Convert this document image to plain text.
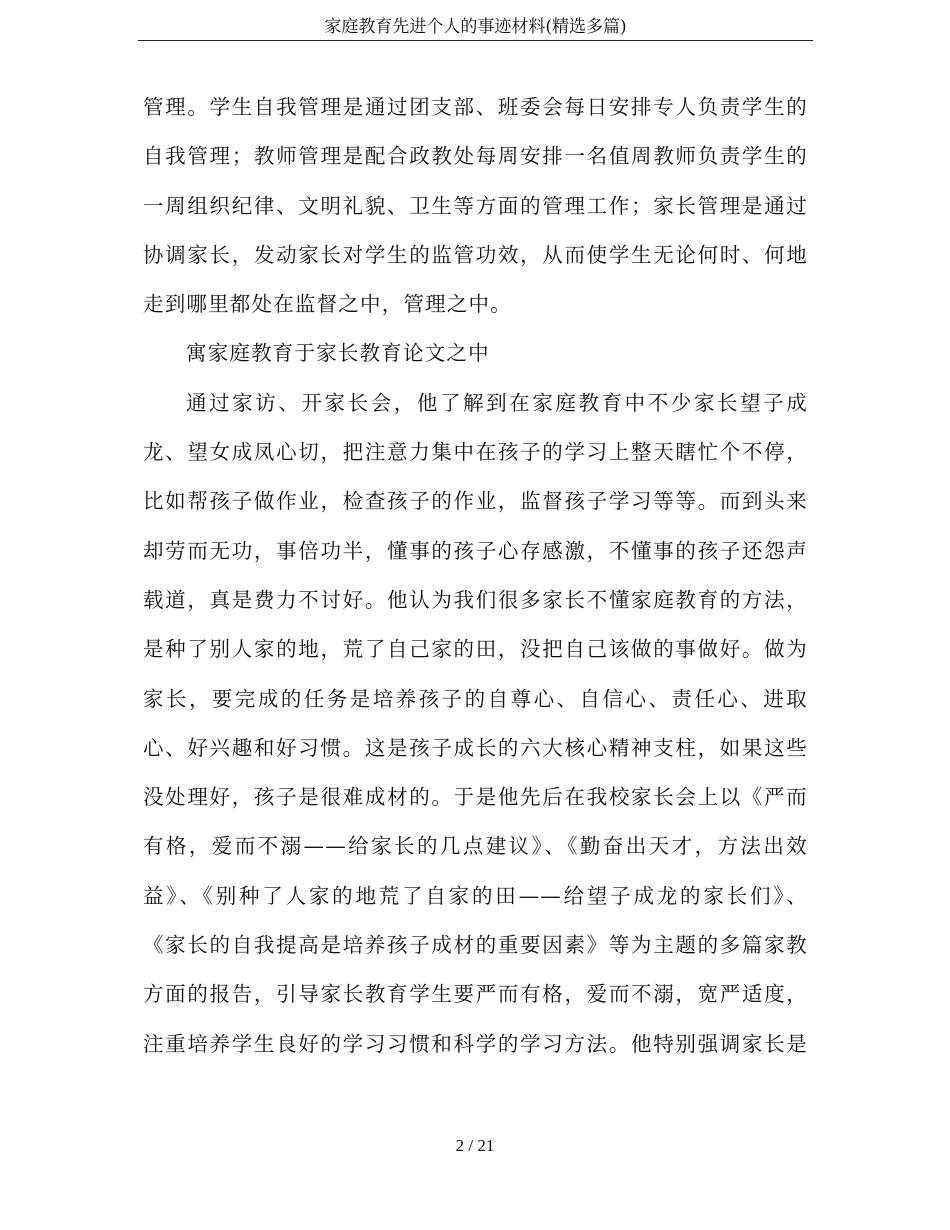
家庭教育先进个人的事迹材料(精选多篇)
管理。学生自我管理是通过团支部、班委会每日安排专人负责学生的
自我管理；教师管理是配合政教处每周安排一名值周教师负责学生的
一周组织纪律、文明礼貌、卫生等方面的管理工作；家长管理是通过
协调家长，发动家长对学生的监管功效，从而使学生无论何时、何地
走到哪里都处在监督之中，管理之中。
寓家庭教育于家长教育论文之中
通过家访、开家长会，他了解到在家庭教育中不少家长望子成
龙、望女成凤心切，把注意力集中在孩子的学习上整天瞎忙个不停，
比如帮孩子做作业，检查孩子的作业，监督孩子学习等等。而到头来
却劳而无功，事倍功半，懂事的孩子心存感激，不懂事的孩子还怨声
载道，真是费力不讨好。他认为我们很多家长不懂家庭教育的方法，
是种了别人家的地，荒了自己家的田，没把自己该做的事做好。做为
家长，要完成的任务是培养孩子的自尊心、自信心、责任心、进取
心、好兴趣和好习惯。这是孩子成长的六大核心精神支柱，如果这些
没处理好，孩子是很难成材的。于是他先后在我校家长会上以《严而
有格，爱而不溺——给家长的几点建议》、《勤奋出天才，方法出效
益》、《别种了人家的地荒了自家的田——给望子成龙的家长们》、
《家长的自我提高是培养孩子成材的重要因素》等为主题的多篇家教
方面的报告，引导家长教育学生要严而有格，爱而不溺，宽严适度，
注重培养学生良好的学习习惯和科学的学习方法。他特别强调家长是
2 / 21
